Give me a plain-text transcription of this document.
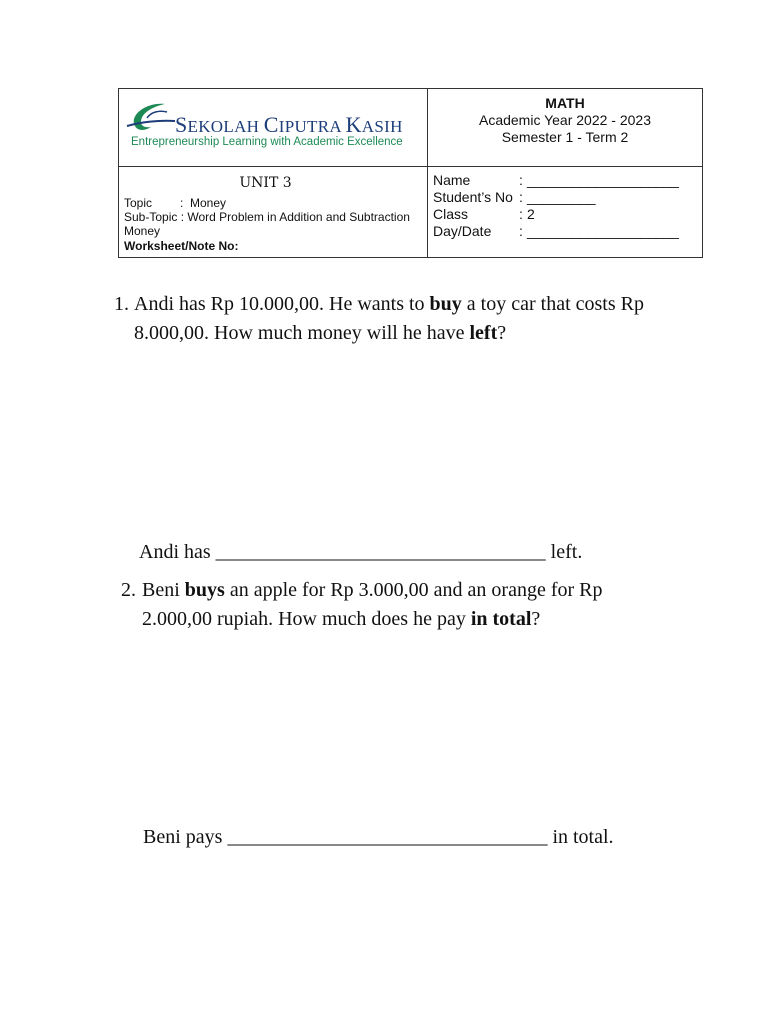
SEKOLAH CIPUTRA KASIH
Entrepreneurship Learning with Academic Excellence
MATH
Academic Year 2022 - 2023
Semester 1 - Term 2
UNIT 3
Topic : Money
Sub-Topic : Word Problem in Addition and Subtraction
Money
Worksheet/Note No:
Name	: ____________________
Student’s No : _________
Class	: 2
Day/Date	: ____________________
1. Andi has Rp 10.000,00. He wants to buy a toy car that costs Rp 8.000,00. How much money will he have left?
Andi has _________________________________ left.
2. Beni buys an apple for Rp 3.000,00 and an orange for Rp 2.000,00 rupiah. How much does he pay in total?
Beni pays ________________________________ in total.
